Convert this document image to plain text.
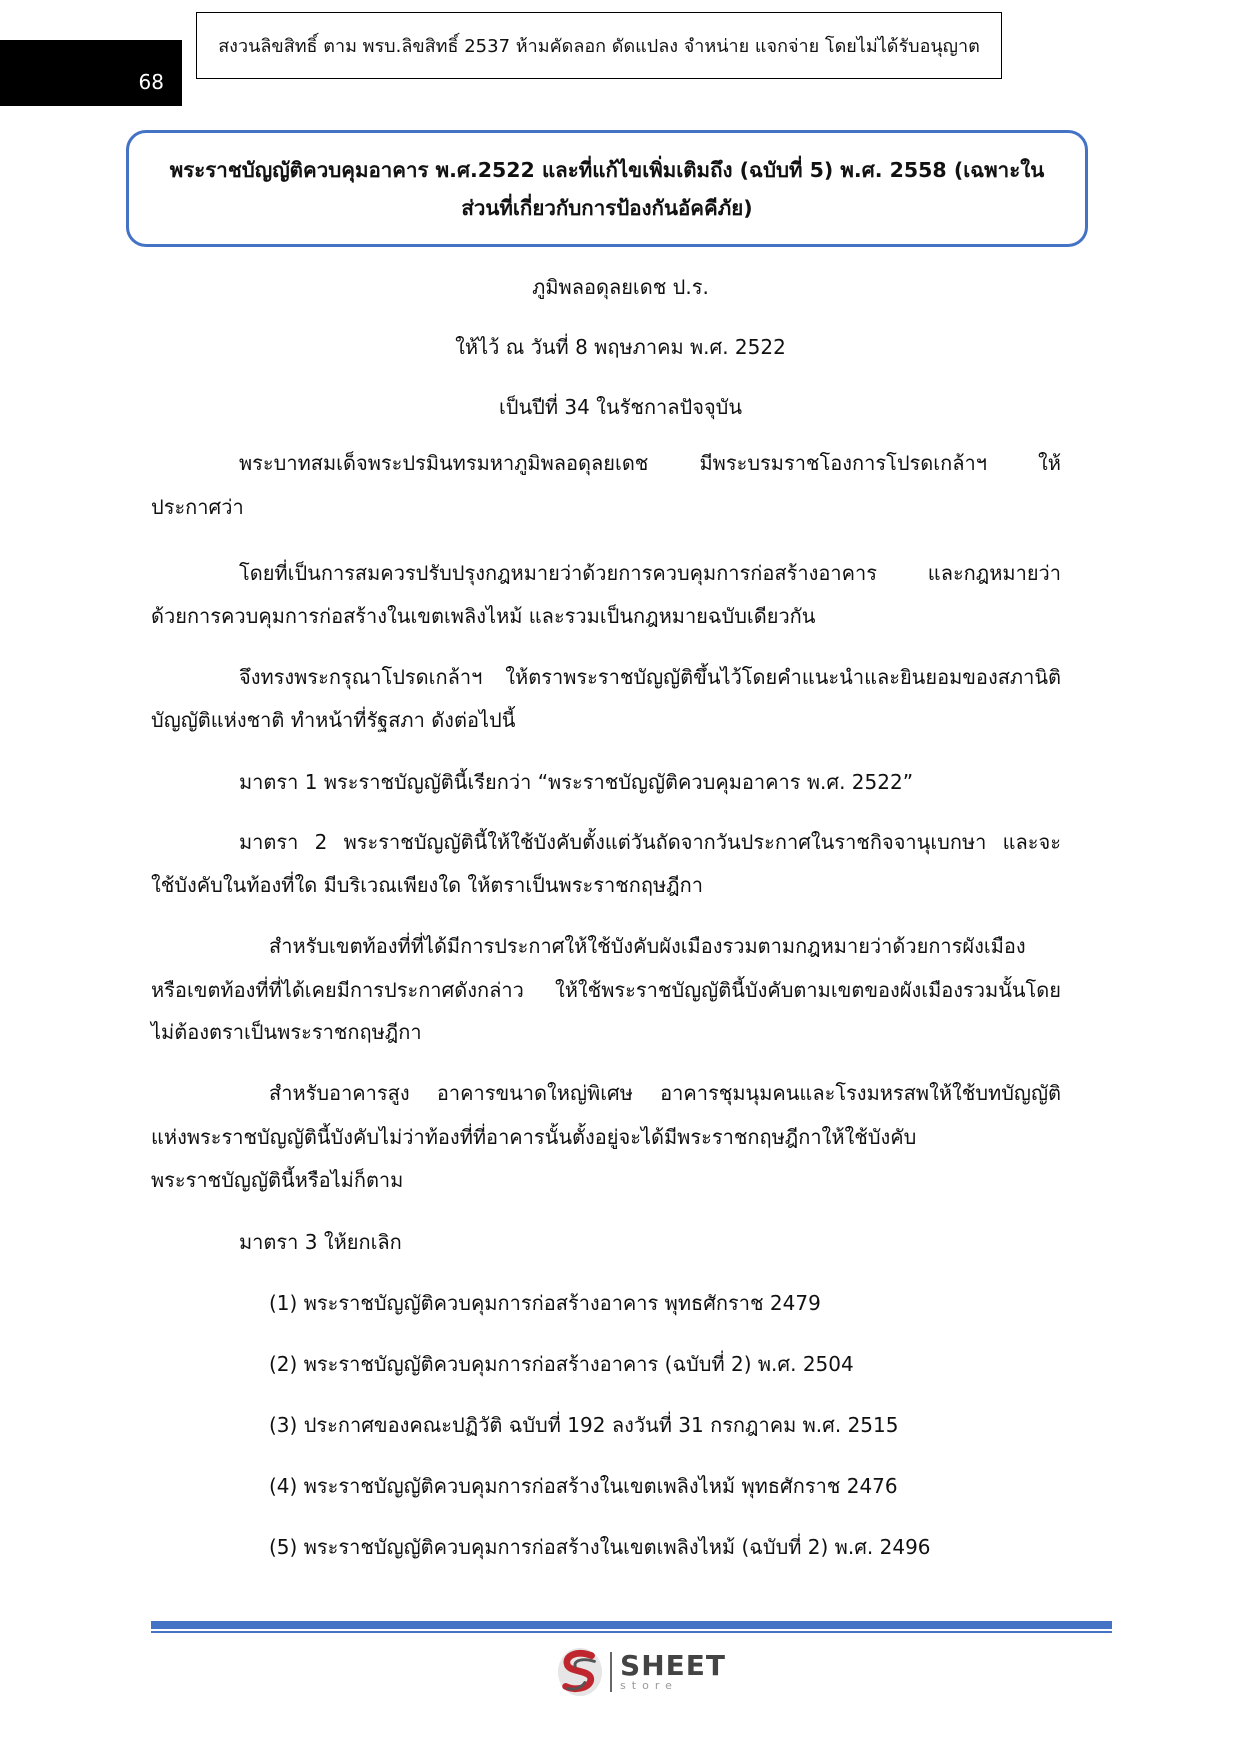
68
สงวนลิขสิทธิ์ ตาม พรบ.ลิขสิทธิ์ 2537 ห้ามคัดลอก ดัดแปลง จำหน่าย แจกจ่าย โดยไม่ได้รับอนุญาต
พระราชบัญญัติควบคุมอาคาร พ.ศ.2522 และที่แก้ไขเพิ่มเติมถึง (ฉบับที่ 5) พ.ศ. 2558 (เฉพาะใน
ส่วนที่เกี่ยวกับการป้องกันอัคคีภัย)
ภูมิพลอดุลยเดช ป.ร.
ให้ไว้ ณ วันที่ 8 พฤษภาคม พ.ศ. 2522
เป็นปีที่ 34 ในรัชกาลปัจจุบัน
พระบาทสมเด็จพระปรมินทรมหาภูมิพลอดุลยเดช มีพระบรมราชโองการโปรดเกล้าฯ ให้
ประกาศว่า
โดยที่เป็นการสมควรปรับปรุงกฎหมายว่าด้วยการควบคุมการก่อสร้างอาคาร และกฎหมายว่า
ด้วยการควบคุมการก่อสร้างในเขตเพลิงไหม้ และรวมเป็นกฎหมายฉบับเดียวกัน
จึงทรงพระกรุณาโปรดเกล้าฯ ให้ตราพระราชบัญญัติขึ้นไว้โดยคำแนะนำและยินยอมของสภานิติ
บัญญัติแห่งชาติ ทำหน้าที่รัฐสภา ดังต่อไปนี้
มาตรา 1 พระราชบัญญัตินี้เรียกว่า “พระราชบัญญัติควบคุมอาคาร พ.ศ. 2522”
มาตรา 2 พระราชบัญญัตินี้ให้ใช้บังคับตั้งแต่วันถัดจากวันประกาศในราชกิจจานุเบกษา และจะ
ใช้บังคับในท้องที่ใด มีบริเวณเพียงใด ให้ตราเป็นพระราชกฤษฎีกา
สำหรับเขตท้องที่ที่ได้มีการประกาศให้ใช้บังคับผังเมืองรวมตามกฎหมายว่าด้วยการผังเมือง
หรือเขตท้องที่ที่ได้เคยมีการประกาศดังกล่าว ให้ใช้พระราชบัญญัตินี้บังคับตามเขตของผังเมืองรวมนั้นโดย
ไม่ต้องตราเป็นพระราชกฤษฎีกา
สำหรับอาคารสูง อาคารขนาดใหญ่พิเศษ อาคารชุมนุมคนและโรงมหรสพให้ใช้บทบัญญัติ
แห่งพระราชบัญญัตินี้บังคับไม่ว่าท้องที่ที่อาคารนั้นตั้งอยู่จะได้มีพระราชกฤษฎีกาให้ใช้บังคับ
พระราชบัญญัตินี้หรือไม่ก็ตาม
มาตรา 3 ให้ยกเลิก
(1) พระราชบัญญัติควบคุมการก่อสร้างอาคาร พุทธศักราช 2479
(2) พระราชบัญญัติควบคุมการก่อสร้างอาคาร (ฉบับที่ 2) พ.ศ. 2504
(3) ประกาศของคณะปฏิวัติ ฉบับที่ 192 ลงวันที่ 31 กรกฎาคม พ.ศ. 2515
(4) พระราชบัญญัติควบคุมการก่อสร้างในเขตเพลิงไหม้ พุทธศักราช 2476
(5) พระราชบัญญัติควบคุมการก่อสร้างในเขตเพลิงไหม้ (ฉบับที่ 2) พ.ศ. 2496
SHEET
store
